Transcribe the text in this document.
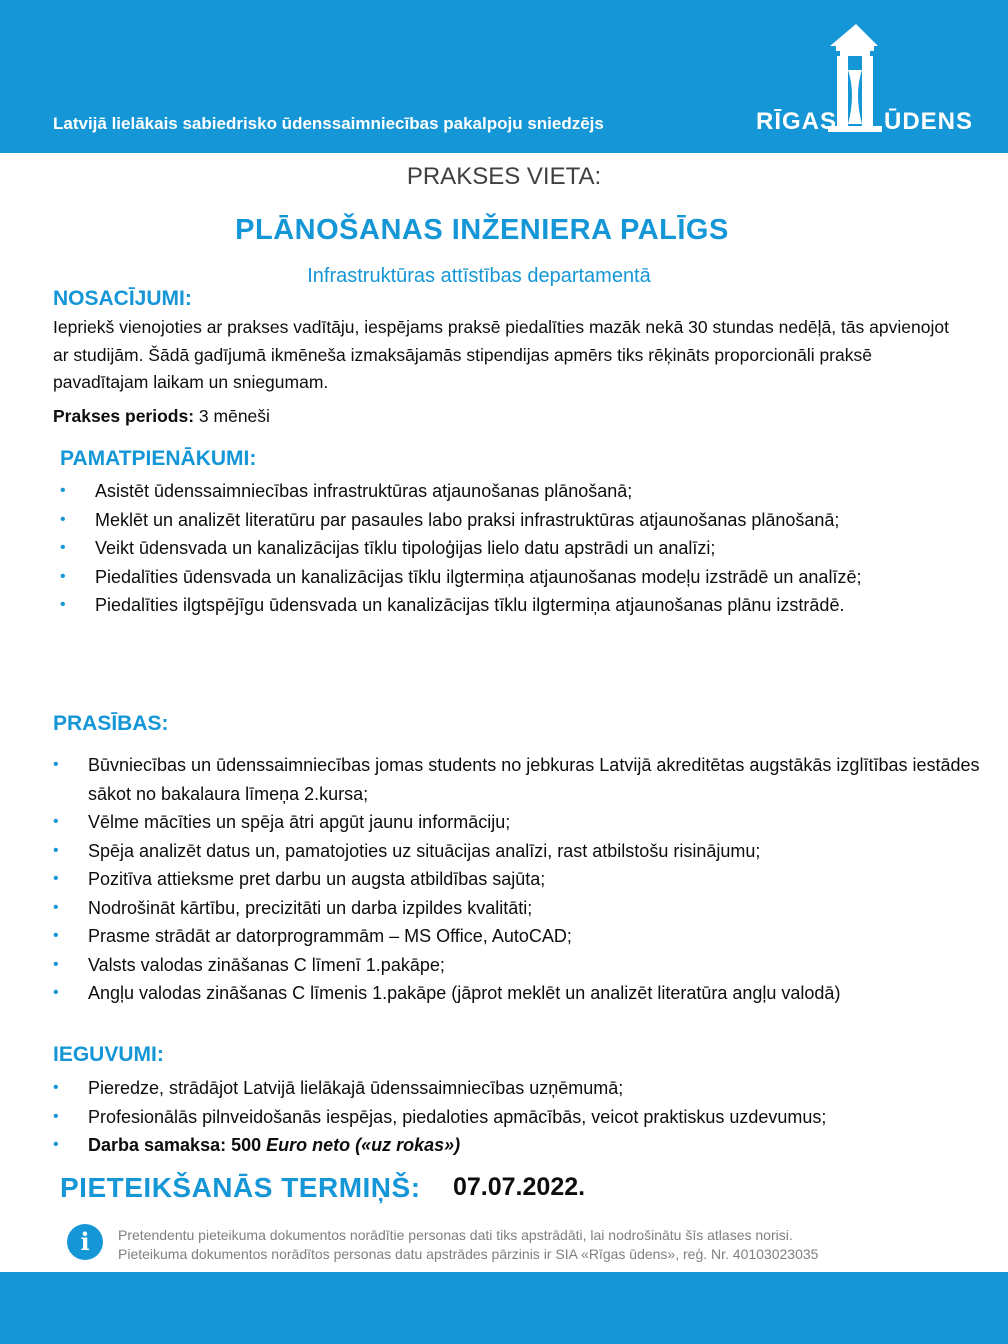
Latvijā lielākais sabiedrisko ūdenssaimniecības pakalpoju sniedzējs	RĪGAS ŪDENS
PRAKSES VIETA:
PLĀNOŠANAS INŽENIERA PALĪGS
Infrastruktūras attīstības departamentā
NOSACĪJUMI:
Iepriekš vienojoties ar prakses vadītāju, iespējams praksē piedalīties mazāk nekā 30 stundas nedēļā, tās apvienojot ar studijām. Šādā gadījumā ikmēneša izmaksājamās stipendijas apmērs tiks rēķināts proporcionāli praksē pavadītajam laikam un sniegumam.
Prakses periods: 3 mēneši
PAMATPIENĀKUMI:
• Asistēt ūdenssaimniecības infrastruktūras atjaunošanas plānošanā;
• Meklēt un analizēt literatūru par pasaules labo praksi infrastruktūras atjaunošanas plānošanā;
• Veikt ūdensvada un kanalizācijas tīklu tipoloģijas lielo datu apstrādi un analīzi;
• Piedalīties ūdensvada un kanalizācijas tīklu ilgtermiņa atjaunošanas modeļu izstrādē un analīzē;
• Piedalīties ilgtspējīgu ūdensvada un kanalizācijas tīklu ilgtermiņa atjaunošanas plānu izstrādē.
PRASĪBAS:
• Būvniecības un ūdenssaimniecības jomas students no jebkuras Latvijā akreditētas augstākās izglītības iestādes sākot no bakalaura līmeņa 2.kursa;
• Vēlme mācīties un spēja ātri apgūt jaunu informāciju;
• Spēja analizēt datus un, pamatojoties uz situācijas analīzi, rast atbilstošu risinājumu;
• Pozitīva attieksme pret darbu un augsta atbildības sajūta;
• Nodrošināt kārtību, precizitāti un darba izpildes kvalitāti;
• Prasme strādāt ar datorprogrammām – MS Office, AutoCAD;
• Valsts valodas zināšanas C līmenī 1.pakāpe;
• Angļu valodas zināšanas C līmenis 1.pakāpe (jāprot meklēt un analizēt literatūra angļu valodā)
IEGUVUMI:
• Pieredze, strādājot Latvijā lielākajā ūdenssaimniecības uzņēmumā;
• Profesionālās pilnveidošanās iespējas, piedaloties apmācībās, veicot praktiskus uzdevumus;
• Darba samaksa: 500 Euro neto («uz rokas»)
PIETEIKŠANĀS TERMIŅŠ: 07.07.2022.
i	Pretendentu pieteikuma dokumentos norādītie personas dati tiks apstrādāti, lai nodrošinātu šīs atlases norisi.
Pieteikuma dokumentos norādītos personas datu apstrādes pārzinis ir SIA «Rīgas ūdens», reģ. Nr. 40103023035
